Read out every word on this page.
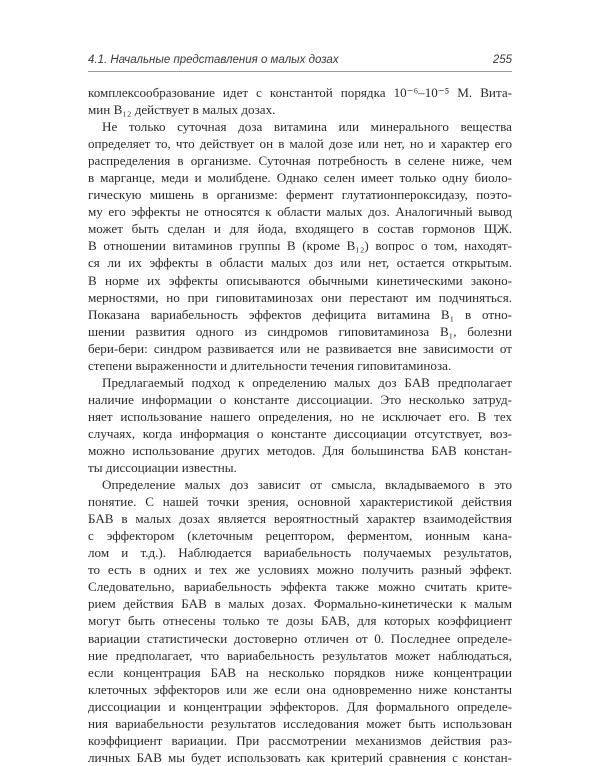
4.1. Начальные представления о малых дозах	255
комплексообразование идет с константой порядка 10⁻⁶–10⁻⁵ М. Вита-
мин B₁₂ действует в малых дозах.
Не только суточная доза витамина или минерального вещества
определяет то, что действует он в малой дозе или нет, но и характер его
распределения в организме. Суточная потребность в селене ниже, чем
в марганце, меди и молибдене. Однако селен имеет только одну биоло-
гическую мишень в организме: фермент глутатионпероксидазу, поэто-
му его эффекты не относятся к области малых доз. Аналогичный вывод
может быть сделан и для йода, входящего в состав гормонов ЩЖ.
В отношении витаминов группы В (кроме B₁₂) вопрос о том, находят-
ся ли их эффекты в области малых доз или нет, остается открытым.
В норме их эффекты описываются обычными кинетическими законо-
мерностями, но при гиповитаминозах они перестают им подчиняться.
Показана вариабельность эффектов дефицита витамина B₁ в отно-
шении развития одного из синдромов гиповитаминоза B₁, болезни
бери-бери: синдром развивается или не развивается вне зависимости от
степени выраженности и длительности течения гиповитаминоза.
Предлагаемый подход к определению малых доз БАВ предполагает
наличие информации о константе диссоциации. Это несколько затруд-
няет использование нашего определения, но не исключает его. В тех
случаях, когда информация о константе диссоциации отсутствует, воз-
можно использование других методов. Для большинства БАВ констан-
ты диссоциации известны.
Определение малых доз зависит от смысла, вкладываемого в это
понятие. С нашей точки зрения, основной характеристикой действия
БАВ в малых дозах является вероятностный характер взаимодействия
с эффектором (клеточным рецептором, ферментом, ионным кана-
лом и т.д.). Наблюдается вариабельность получаемых результатов,
то есть в одних и тех же условиях можно получить разный эффект.
Следовательно, вариабельность эффекта также можно считать крите-
рием действия БАВ в малых дозах. Формально-кинетически к малым
могут быть отнесены только те дозы БАВ, для которых коэффициент
вариации статистически достоверно отличен от 0. Последнее определе-
ние предполагает, что вариабельность результатов может наблюдаться,
если концентрация БАВ на несколько порядков ниже концентрации
клеточных эффекторов или же если она одновременно ниже константы
диссоциации и концентрации эффекторов. Для формального определе-
ния вариабельности результатов исследования может быть использован
коэффициент вариации. При рассмотрении механизмов действия раз-
личных БАВ мы будет использовать как критерий сравнения с констан-
